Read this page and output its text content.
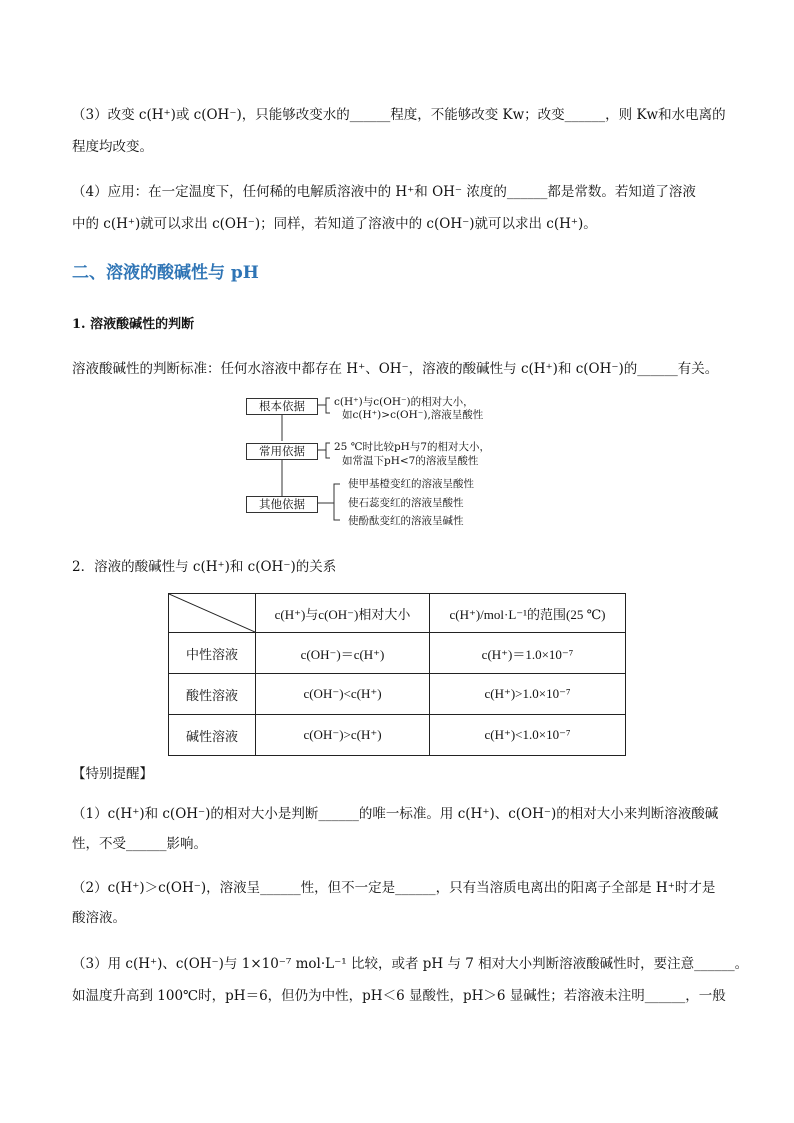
（3）改变 c(H⁺)或 c(OH⁻)，只能够改变水的______程度，不能够改变 Kw；改变______，则 Kw和水电离的
程度均改变。
（4）应用：在一定温度下，任何稀的电解质溶液中的 H⁺和 OH⁻ 浓度的______都是常数。若知道了溶液
中的 c(H⁺)就可以求出 c(OH⁻)；同样，若知道了溶液中的 c(OH⁻)就可以求出 c(H⁺)。
二、溶液的酸碱性与 pH
1. 溶液酸碱性的判断
溶液酸碱性的判断标准：任何水溶液中都存在 H⁺、OH⁻，溶液的酸碱性与 c(H⁺)和 c(OH⁻)的______有关。
根本依据	c(H⁺)与c(OH⁻)的相对大小，
如c(H⁺)>c(OH⁻),溶液呈酸性
常用依据	25 ℃时比较pH与7的相对大小，
如常温下pH<7的溶液呈酸性
其他依据
使甲基橙变红的溶液呈酸性
使石蕊变红的溶液呈酸性
使酚酞变红的溶液呈碱性
2．溶液的酸碱性与 c(H⁺)和 c(OH⁻)的关系
	c(H⁺)与c(OH⁻)相对大小	c(H⁺)/mol·L⁻¹的范围(25 ℃)
中性溶液	c(OH⁻)＝c(H⁺)	c(H⁺)＝1.0×10⁻⁷
酸性溶液	c(OH⁻)<c(H⁺)	c(H⁺)>1.0×10⁻⁷
碱性溶液	c(OH⁻)>c(H⁺)	c(H⁺)<1.0×10⁻⁷
【特别提醒】
（1）c(H⁺)和 c(OH⁻)的相对大小是判断______的唯一标准。用 c(H⁺)、c(OH⁻)的相对大小来判断溶液酸碱
性，不受______影响。
（2）c(H⁺)＞c(OH⁻)，溶液呈______性，但不一定是______，只有当溶质电离出的阳离子全部是 H⁺时才是
酸溶液。
（3）用 c(H⁺)、c(OH⁻)与 1×10⁻⁷ mol·L⁻¹ 比较，或者 pH 与 7 相对大小判断溶液酸碱性时，要注意______。
如温度升高到 100℃时，pH＝6，但仍为中性，pH＜6 显酸性，pH＞6 显碱性；若溶液未注明______，一般
